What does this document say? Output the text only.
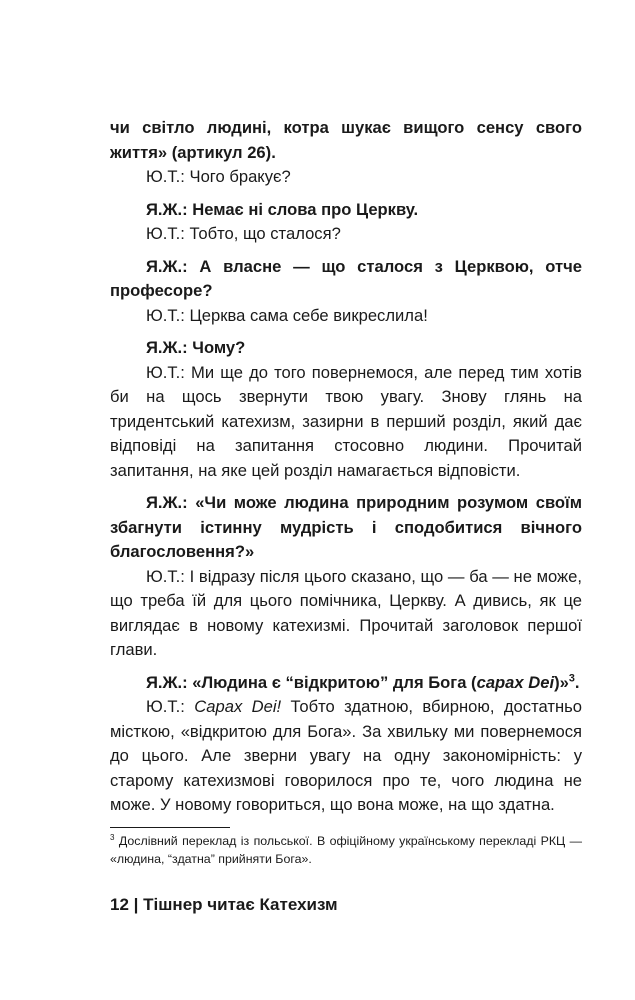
чи світло людині, котра шукає вищого сенсу свого життя» (артикул 26).

Ю.Т.: Чого бракує?

Я.Ж.: Немає ні слова про Церкву.

Ю.Т.: Тобто, що сталося?

Я.Ж.: А власне — що сталося з Церквою, отче професоре?

Ю.Т.: Церква сама себе викреслила!

Я.Ж.: Чому?

Ю.Т.: Ми ще до того повернемося, але перед тим хотів би на щось звернути твою увагу. Знову глянь на тридентський катехизм, зазирни в перший розділ, який дає відповіді на запитання стосовно людини. Прочитай запитання, на яке цей розділ намагається відповісти.

Я.Ж.: «Чи може людина природним розумом своїм збагнути істинну мудрість і сподобитися вічного благословення?»

Ю.Т.: І відразу після цього сказано, що — ба — не може, що треба їй для цього помічника, Церкву. А дивись, як це виглядає в новому катехизмі. Прочитай заголовок першої глави.

Я.Ж.: «Людина є “відкритою” для Бога (capax Dei)»$^3$.

Ю.Т.: Capax Dei! Тобто здатною, вбирною, достатньо місткою, «відкритою для Бога». За хвильку ми повернемося до цього. Але зверни увагу на одну закономірність: у старому катехизмові говорилося про те, чого людина не може. У новому говориться, що вона може, на що здатна.

$^3$ Дослівний переклад із польської. В офіційному українському перекладі РКЦ — «людина, “здатна” прийняти Бога».
12 | Тішнер читає Катехизм
